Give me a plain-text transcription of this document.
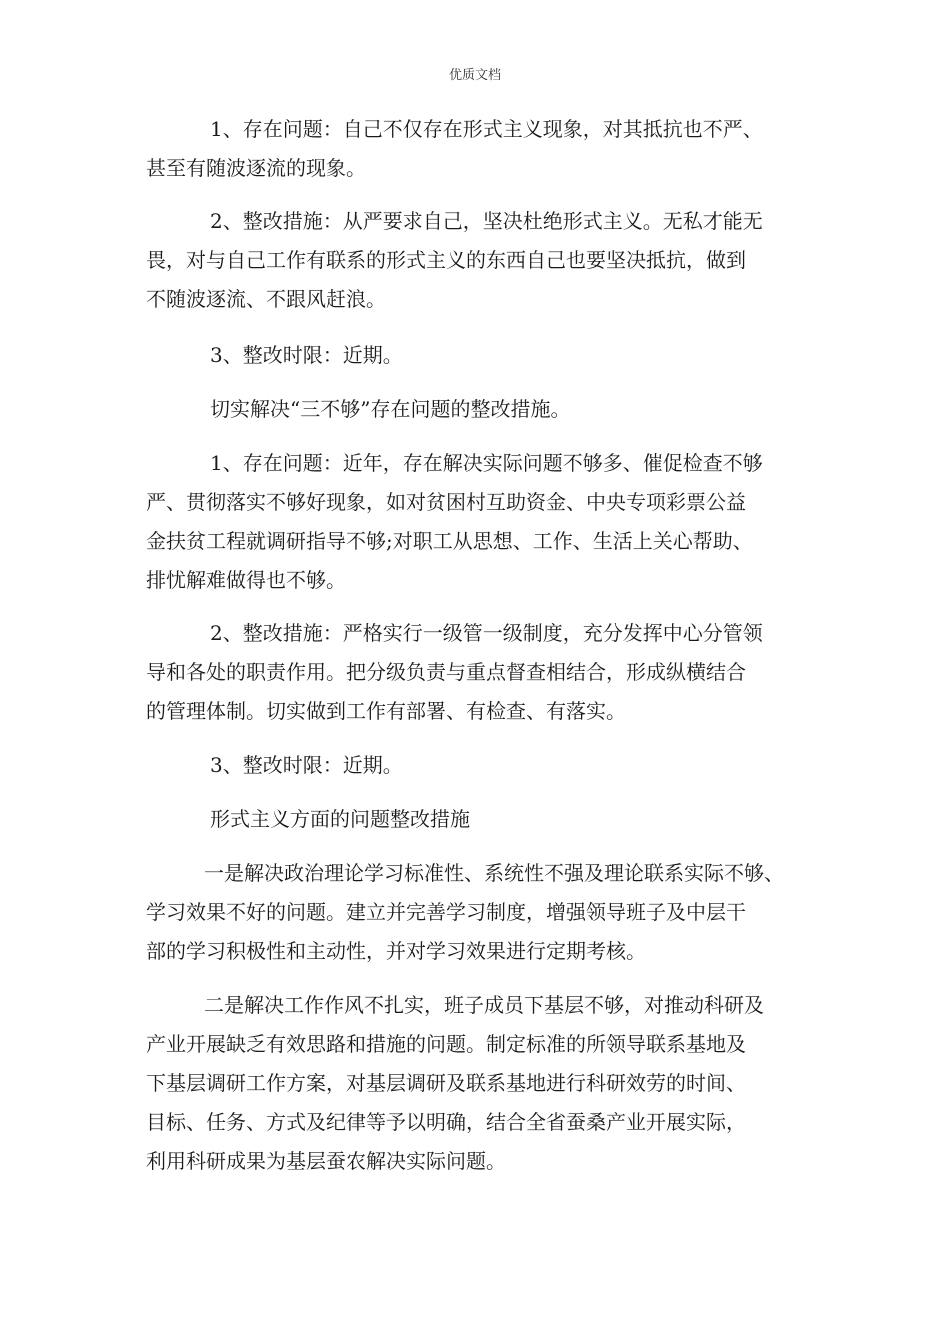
优质文档
1、存在问题：自己不仅存在形式主义现象，对其抵抗也不严、
甚至有随波逐流的现象。
2、整改措施：从严要求自己，坚决杜绝形式主义。无私才能无
畏，对与自己工作有联系的形式主义的东西自己也要坚决抵抗，做到
不随波逐流、不跟风赶浪。
3、整改时限：近期。
切实解决“三不够”存在问题的整改措施。
1、存在问题：近年，存在解决实际问题不够多、催促检查不够
严、贯彻落实不够好现象，如对贫困村互助资金、中央专项彩票公益
金扶贫工程就调研指导不够;对职工从思想、工作、生活上关心帮助、
排忧解难做得也不够。
2、整改措施：严格实行一级管一级制度，充分发挥中心分管领
导和各处的职责作用。把分级负责与重点督查相结合，形成纵横结合
的管理体制。切实做到工作有部署、有检查、有落实。
3、整改时限：近期。
形式主义方面的问题整改措施
一是解决政治理论学习标准性、系统性不强及理论联系实际不够、
学习效果不好的问题。建立并完善学习制度，增强领导班子及中层干
部的学习积极性和主动性，并对学习效果进行定期考核。
二是解决工作作风不扎实，班子成员下基层不够，对推动科研及
产业开展缺乏有效思路和措施的问题。制定标准的所领导联系基地及
下基层调研工作方案，对基层调研及联系基地进行科研效劳的时间、
目标、任务、方式及纪律等予以明确，结合全省蚕桑产业开展实际，
利用科研成果为基层蚕农解决实际问题。
